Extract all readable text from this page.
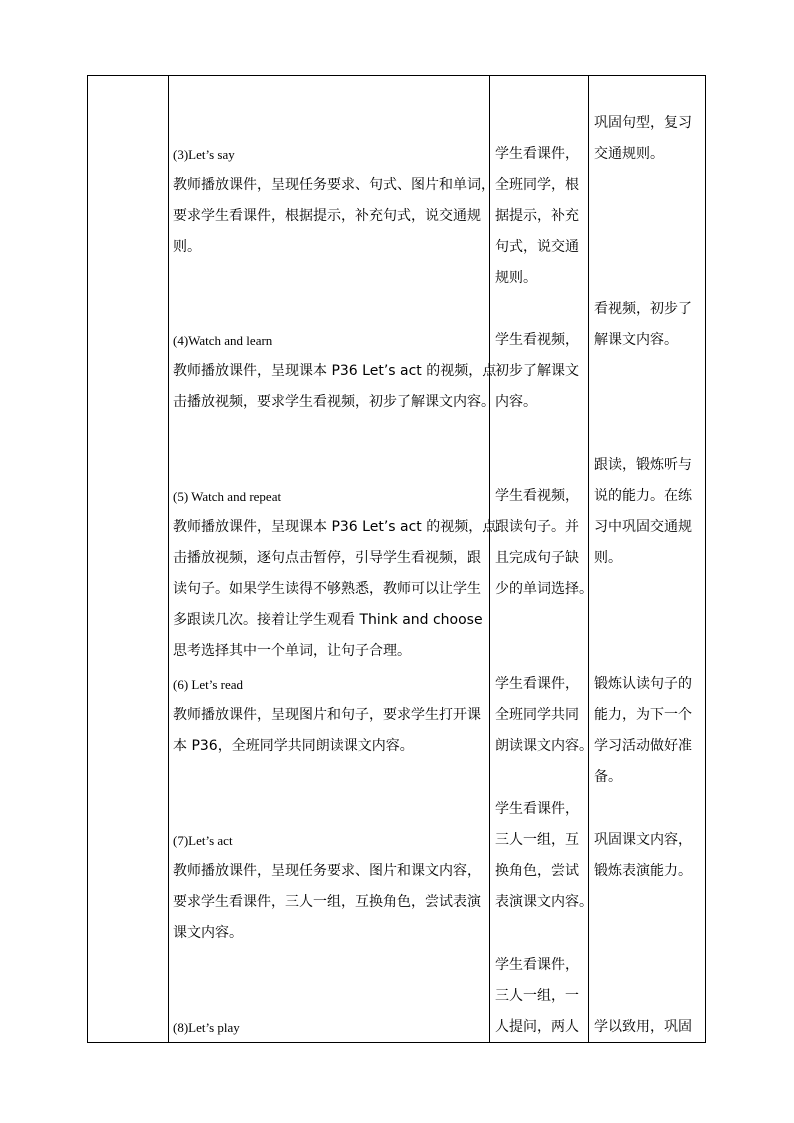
(3)Let’s say
教师播放课件，呈现任务要求、句式、图片和单词，
要求学生看课件，根据提示，补充句式，说交通规
则。
(4)Watch and learn
教师播放课件，呈现课本 P36 Let’s act 的视频，点
击播放视频，要求学生看视频，初步了解课文内容。
(5) Watch and repeat
教师播放课件，呈现课本 P36 Let’s act 的视频，点
击播放视频，逐句点击暂停，引导学生看视频，跟
读句子。如果学生读得不够熟悉，教师可以让学生
多跟读几次。接着让学生观看 Think and choose
思考选择其中一个单词，让句子合理。
(6) Let’s read
教师播放课件，呈现图片和句子，要求学生打开课
本 P36，全班同学共同朗读课文内容。
(7)Let’s act
教师播放课件，呈现任务要求、图片和课文内容，
要求学生看课件，三人一组，互换角色，尝试表演
课文内容。
(8)Let’s play
学生看课件，
全班同学，根
据提示，补充
句式，说交通
规则。
学生看视频，
初步了解课文
内容。
学生看视频，
跟读句子。并
且完成句子缺
少的单词选择。
学生看课件，
全班同学共同
朗读课文内容。
学生看课件，
三人一组，互
换角色，尝试
表演课文内容。
学生看课件，
三人一组，一
人提问，两人
巩固句型，复习
交通规则。
看视频，初步了
解课文内容。
跟读，锻炼听与
说的能力。在练
习中巩固交通规
则。
锻炼认读句子的
能力，为下一个
学习活动做好准
备。
巩固课文内容，
锻炼表演能力。
学以致用，巩固
